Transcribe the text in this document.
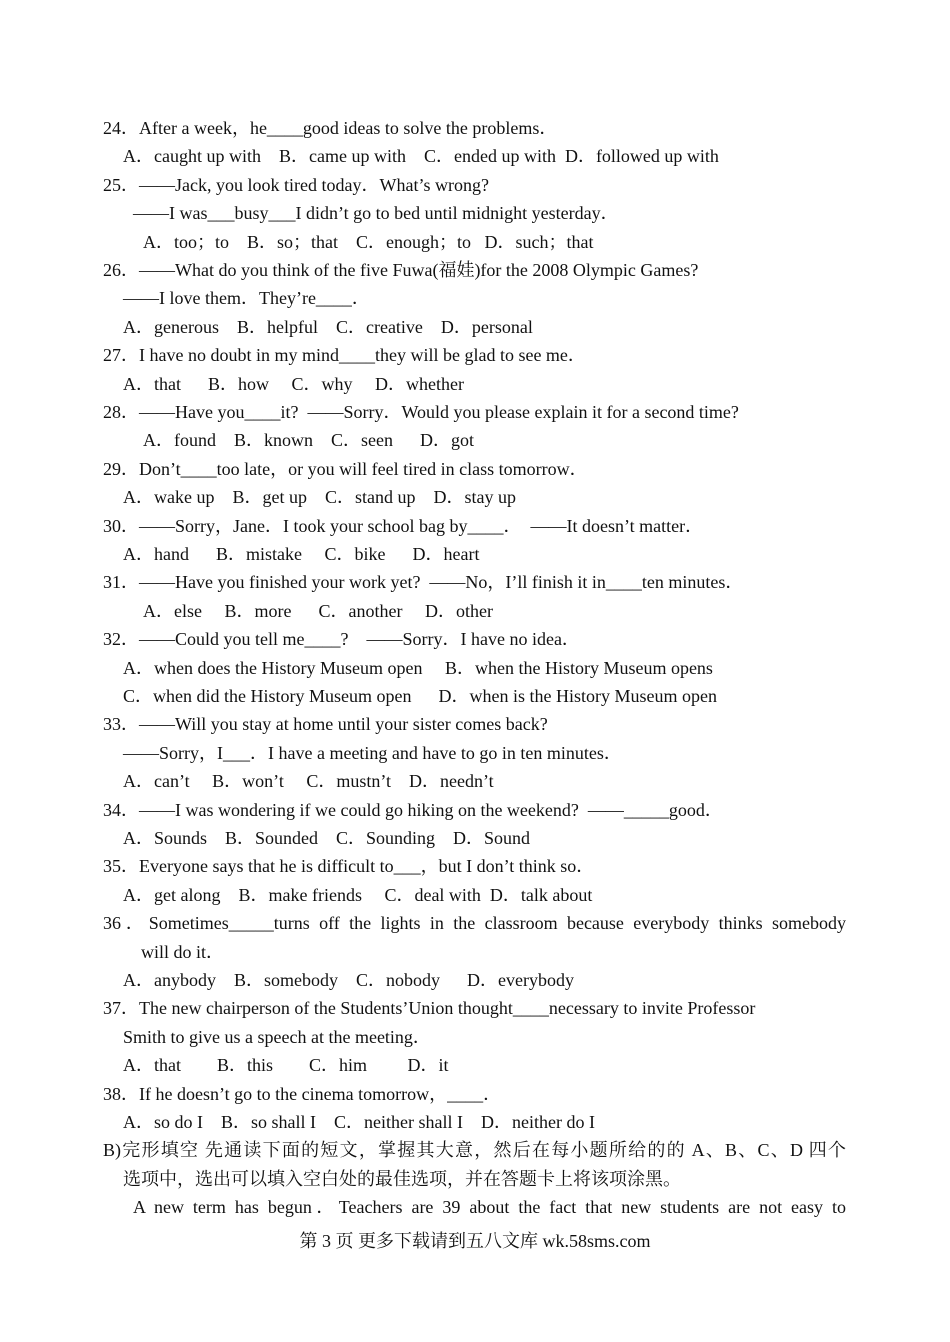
24．After a week，he____good ideas to solve the problems．
A．caught up with    B．came up with    C．ended up with  D．followed up with
25．——Jack, you look tired today．What’s wrong?
——I was___busy___I didn’t go to bed until midnight yesterday．
A．too；to    B．so；that    C．enough；to   D．such；that
26．——What do you think of the five Fuwa(福娃)for the 2008 Olympic Games?
——I love them．They’re____．
A．generous    B．helpful    C．creative    D．personal
27．I have no doubt in my mind____they will be glad to see me．
A．that      B．how     C．why     D．whether
28．——Have you____it?  ——Sorry．Would you please explain it for a second time?
A．found    B．known    C．seen      D．got
29．Don’t____too late，or you will feel tired in class tomorrow．
A．wake up    B．get up    C．stand up    D．stay up
30．——Sorry，Jane．I took your school bag by____．  ——It doesn’t matter．
A．hand      B．mistake     C．bike      D．heart
31．——Have you finished your work yet?  ——No，I’ll finish it in____ten minutes．
A．else     B．more      C．another     D．other
32．——Could you tell me____?    ——Sorry．I have no idea．
A．when does the History Museum open     B．when the History Museum opens
C．when did the History Museum open      D．when is the History Museum open
33．——Will you stay at home until your sister comes back?
——Sorry，I___．I have a meeting and have to go in ten minutes．
A．can’t     B．won’t     C．mustn’t    D．needn’t
34．——I was wondering if we could go hiking on the weekend?  ——_____good．
A．Sounds    B．Sounded    C．Sounding    D．Sound
35．Everyone says that he is difficult to___，but I don’t think so．
A．get along    B．make friends     C．deal with  D．talk about
36．Sometimes_____turns off the lights in the classroom because everybody thinks somebody
will do it．
A．anybody    B．somebody    C．nobody      D．everybody
37．The new chairperson of the Students’Union thought____necessary to invite Professor
Smith to give us a speech at the meeting．
A．that        B．this        C．him         D．it
38．If he doesn’t go to the cinema tomorrow，____．
A．so do I    B．so shall I    C．neither shall I    D．neither do I
B)完形填空 先通读下面的短文，掌握其大意，然后在每小题所给的的 A、B、C、D 四个
选项中，选出可以填入空白处的最佳选项，并在答题卡上将该项涂黑。
A new term has begun．Teachers are 39 about the fact that new students are not easy to
第 3 页 更多下载请到五八文库 wk.58sms.com
